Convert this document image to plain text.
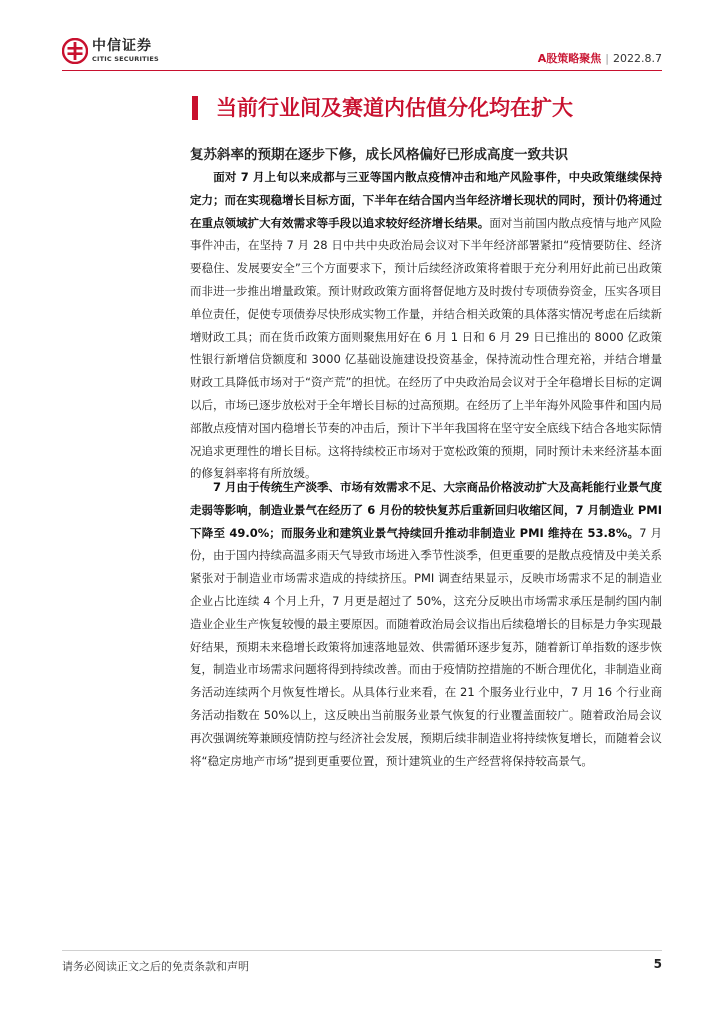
中信证券
CITIC SECURITIES	A股策略聚焦 | 2022.8.7
当前行业间及赛道内估值分化均在扩大
复苏斜率的预期在逐步下修，成长风格偏好已形成高度一致共识

面对 7 月上旬以来成都与三亚等国内散点疫情冲击和地产风险事件，中央政策继续保持定力；而在实现稳增长目标方面，下半年在结合国内当年经济增长现状的同时，预计仍将通过在重点领域扩大有效需求等手段以追求较好经济增长结果。面对当前国内散点疫情与地产风险事件冲击，在坚持 7 月 28 日中共中央政治局会议对下半年经济部署紧扣“疫情要防住、经济要稳住、发展要安全”三个方面要求下，预计后续经济政策将着眼于充分利用好此前已出政策而非进一步推出增量政策。预计财政政策方面将督促地方及时拨付专项债券资金，压实各项目单位责任，促使专项债券尽快形成实物工作量，并结合相关政策的具体落实情况考虑在后续新增财政工具；而在货币政策方面则聚焦用好在 6 月 1 日和 6 月 29 日已推出的 8000 亿政策性银行新增信贷额度和 3000 亿基础设施建设投资基金，保持流动性合理充裕，并结合增量财政工具降低市场对于“资产荒”的担忧。在经历了中央政治局会议对于全年稳增长目标的定调以后，市场已逐步放松对于全年增长目标的过高预期。在经历了上半年海外风险事件和国内局部散点疫情对国内稳增长节奏的冲击后，预计下半年我国将在坚守安全底线下结合各地实际情况追求更理性的增长目标。这将持续校正市场对于宽松政策的预期，同时预计未来经济基本面的修复斜率将有所放缓。

7 月由于传统生产淡季、市场有效需求不足、大宗商品价格波动扩大及高耗能行业景气度走弱等影响，制造业景气在经历了 6 月份的较快复苏后重新回归收缩区间，7 月制造业 PMI 下降至 49.0%；而服务业和建筑业景气持续回升推动非制造业 PMI 维持在 53.8%。7 月份，由于国内持续高温多雨天气导致市场进入季节性淡季，但更重要的是散点疫情及中美关系紧张对于制造业市场需求造成的持续挤压。PMI 调查结果显示，反映市场需求不足的制造业企业占比连续 4 个月上升，7 月更是超过了 50%，这充分反映出市场需求承压是制约国内制造业企业生产恢复较慢的最主要原因。而随着政治局会议指出后续稳增长的目标是力争实现最好结果，预期未来稳增长政策将加速落地显效、供需循环逐步复苏，随着新订单指数的逐步恢复，制造业市场需求问题将得到持续改善。而由于疫情防控措施的不断合理优化，非制造业商务活动连续两个月恢复性增长。从具体行业来看，在 21 个服务业行业中，7 月 16 个行业商务活动指数在 50%以上，这反映出当前服务业景气恢复的行业覆盖面较广。随着政治局会议再次强调统筹兼顾疫情防控与经济社会发展，预期后续非制造业将持续恢复增长，而随着会议将“稳定房地产市场”提到更重要位置，预计建筑业的生产经营将保持较高景气。

请务必阅读正文之后的免责条款和声明	5
